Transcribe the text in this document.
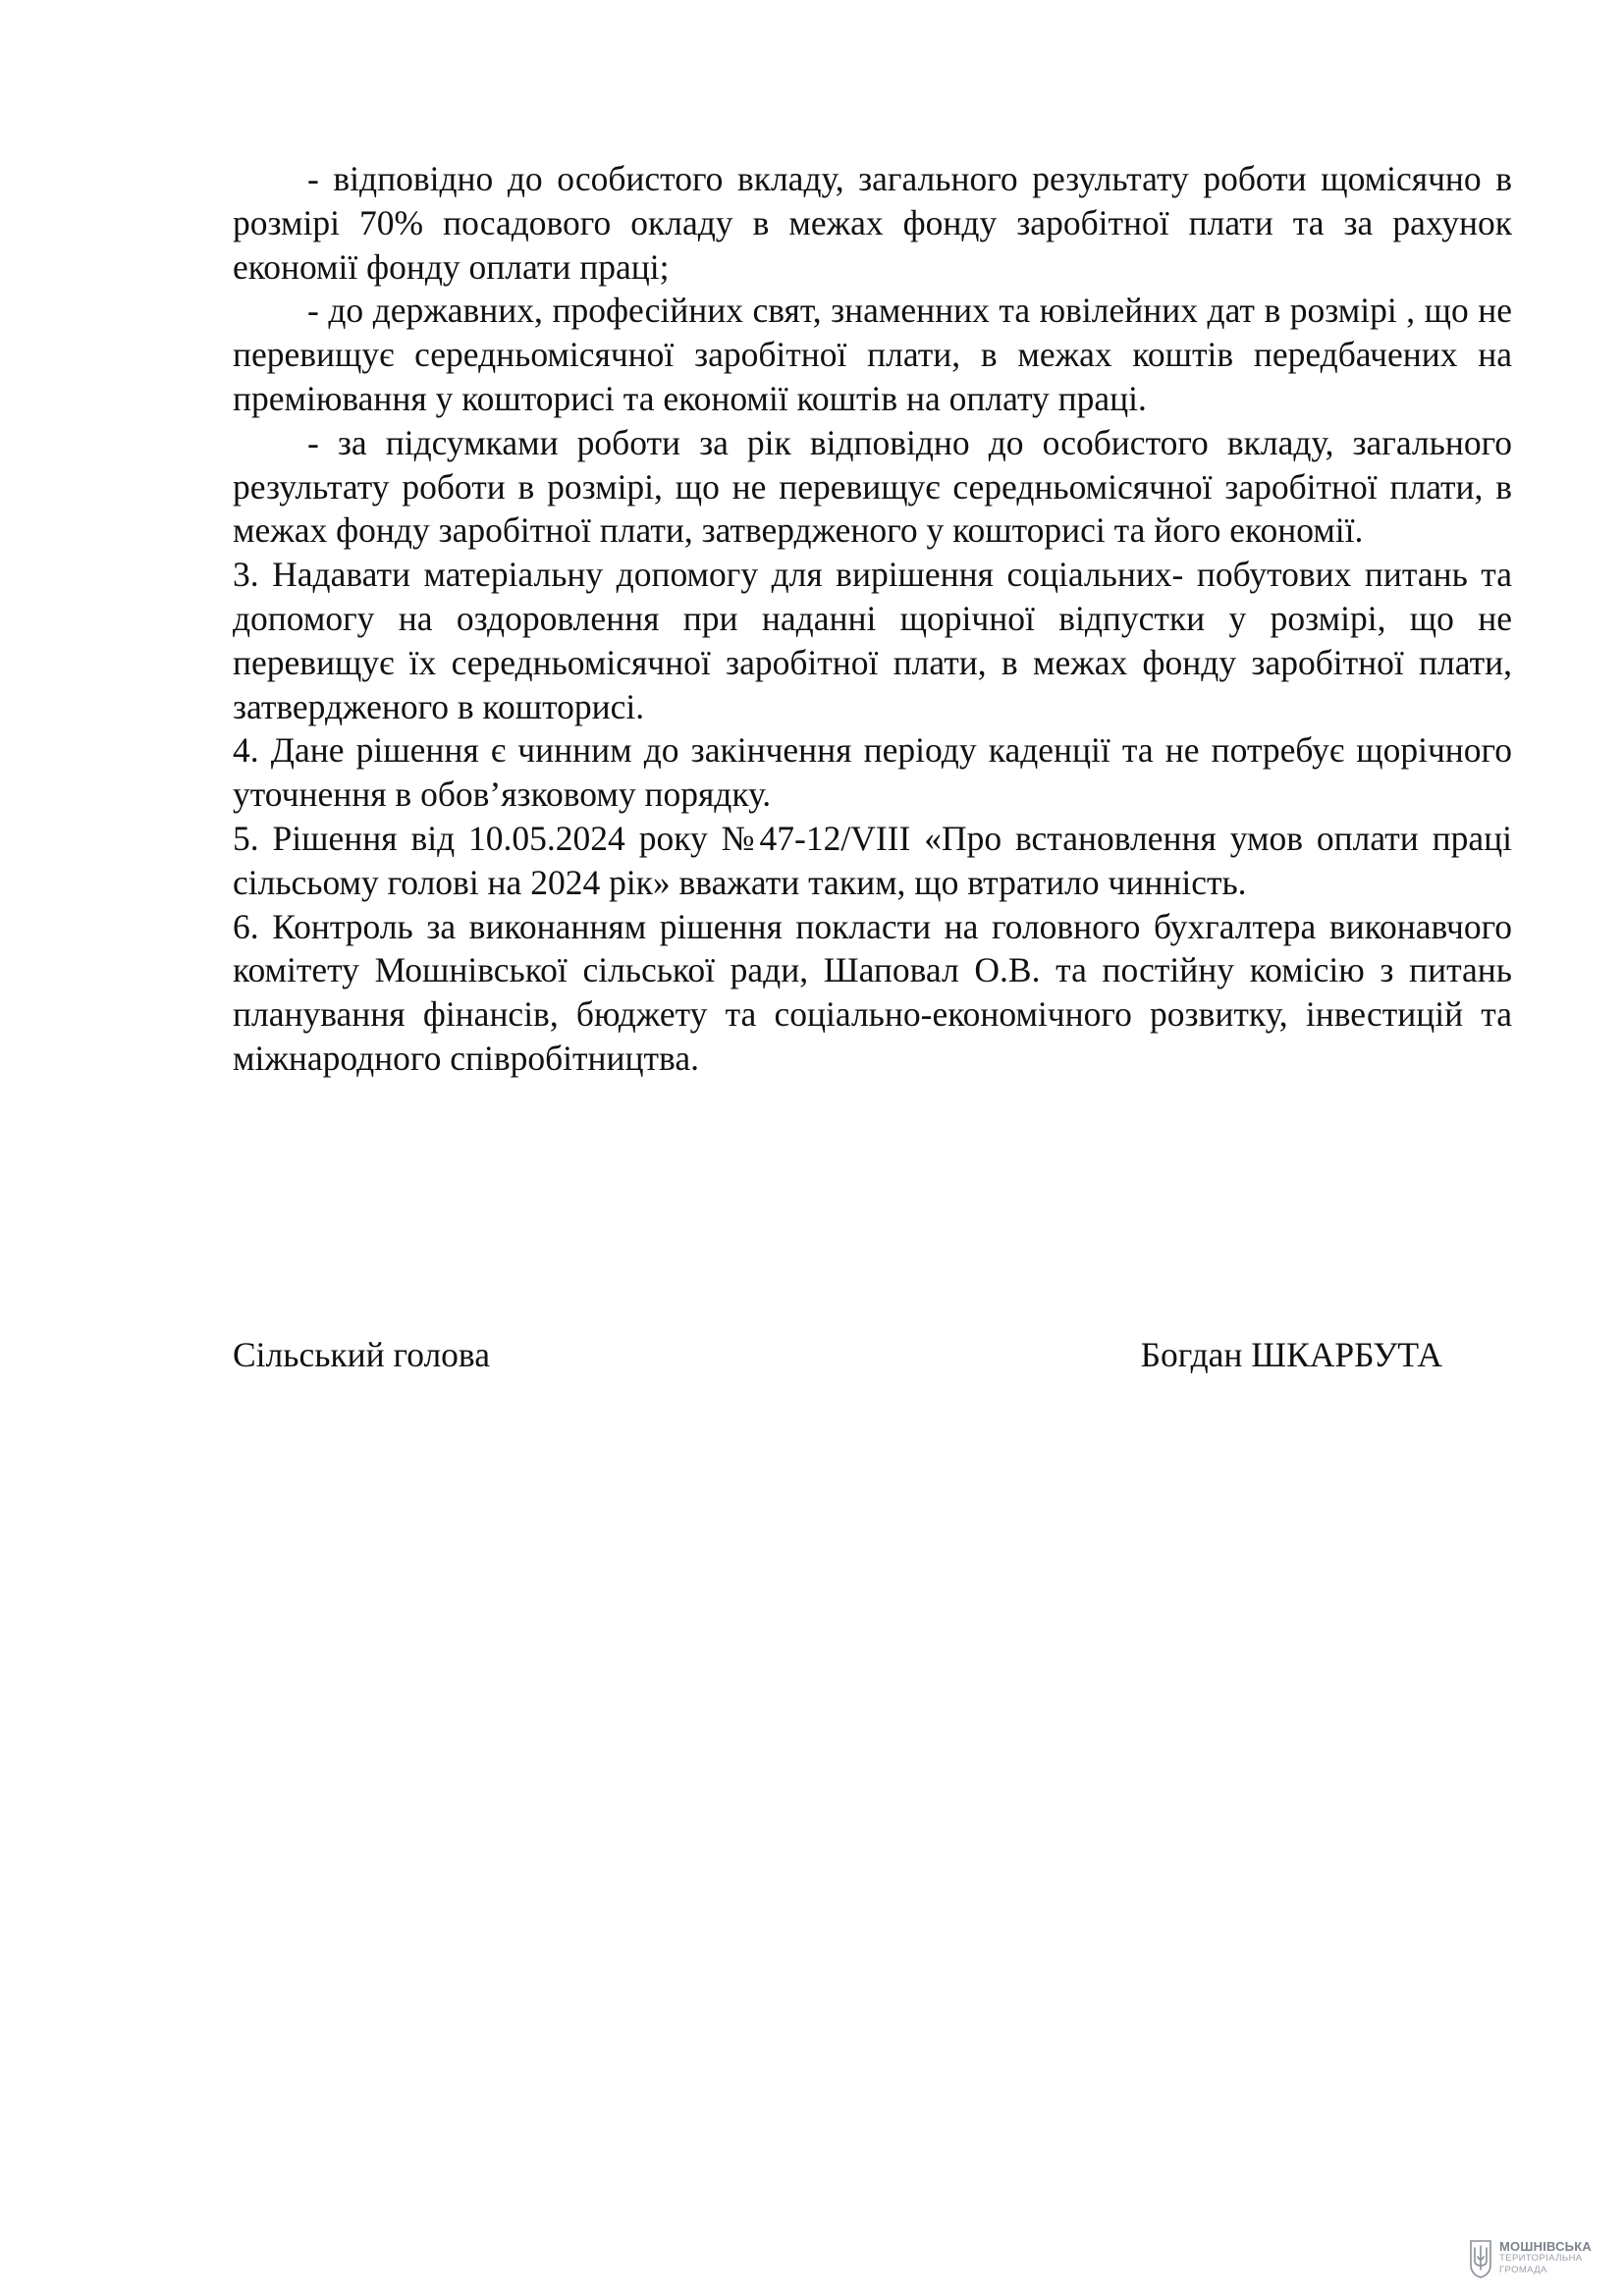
- відповідно до особистого вкладу, загального результату роботи щомісячно в розмірі 70% посадового окладу в межах фонду заробітної плати та за рахунок економії фонду оплати праці;

- до державних, професійних свят, знаменних та ювілейних дат в розмірі , що не перевищує середньомісячної заробітної плати, в межах коштів передбачених на преміювання у кошторисі та економії коштів на оплату праці.

- за підсумками роботи за рік відповідно до особистого вкладу, загального результату роботи в розмірі, що не перевищує середньомісячної заробітної плати, в межах фонду заробітної плати, затвердженого у кошторисі та його економії.

3. Надавати матеріальну допомогу для вирішення соціальних- побутових питань та допомогу на оздоровлення при наданні щорічної відпустки у розмірі, що не перевищує їх середньомісячної заробітної плати, в межах фонду заробітної плати, затвердженого в кошторисі.

4. Дане рішення є чинним до закінчення періоду каденції та не потребує щорічного уточнення в обов’язковому порядку.

5. Рішення від 10.05.2024 року №47-12/VIII «Про встановлення умов оплати праці сільсьому голові на 2024 рік» вважати таким, що втратило чинність.

6. Контроль за виконанням рішення покласти на головного бухгалтера виконавчого комітету Мошнівської сільської ради, Шаповал О.В. та постійну комісію з питань планування фінансів, бюджету та соціально-економічного розвитку, інвестицій та міжнародного співробітництва.

Сільський голова	Богдан ШКАРБУТА
МОШНІВСЬКА
ТЕРИТОРІАЛЬНА
ГРОМАДА
